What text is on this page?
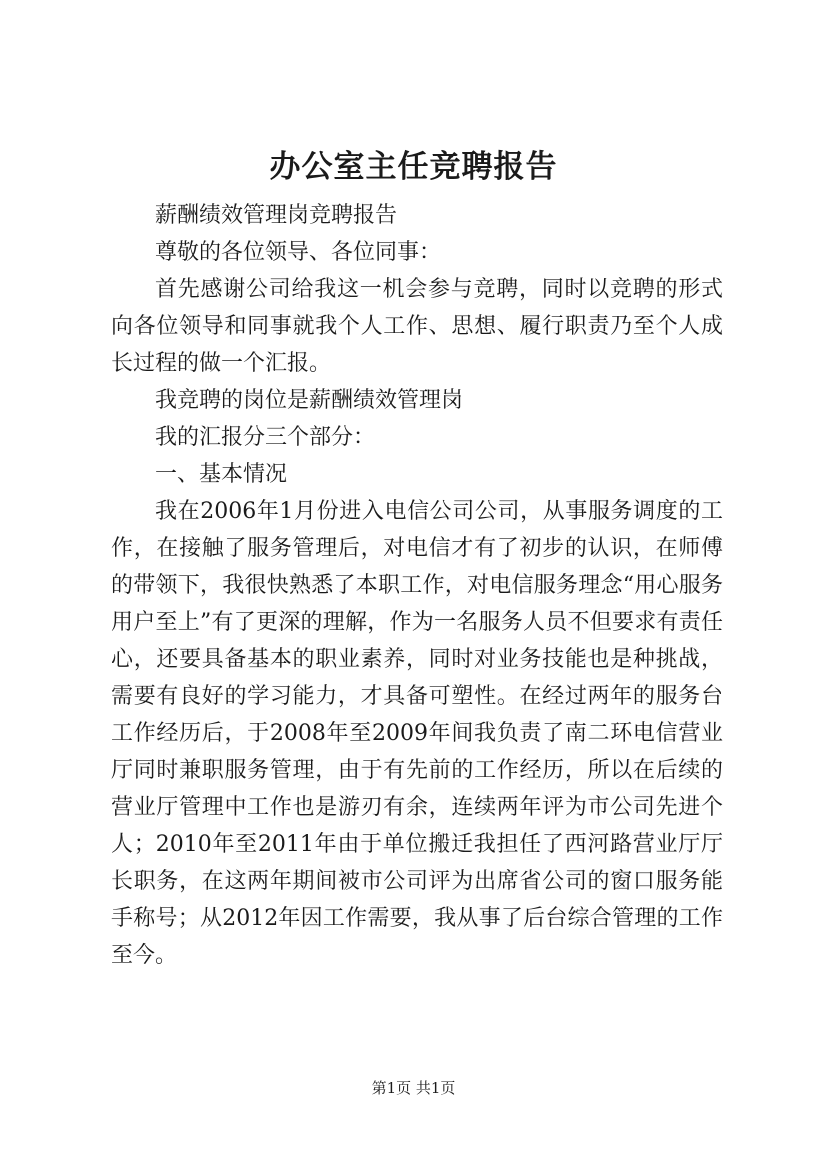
办公室主任竞聘报告

薪酬绩效管理岗竞聘报告

尊敬的各位领导、各位同事：

首先感谢公司给我这一机会参与竞聘，同时以竞聘的形式向各位领导和同事就我个人工作、思想、履行职责乃至个人成长过程的做一个汇报。

我竞聘的岗位是薪酬绩效管理岗

我的汇报分三个部分：

一、基本情况

我在2006年1月份进入电信公司公司，从事服务调度的工作，在接触了服务管理后，对电信才有了初步的认识，在师傅的带领下，我很快熟悉了本职工作，对电信服务理念“用心服务用户至上”有了更深的理解，作为一名服务人员不但要求有责任心，还要具备基本的职业素养，同时对业务技能也是种挑战，需要有良好的学习能力，才具备可塑性。在经过两年的服务台工作经历后，于2008年至2009年间我负责了南二环电信营业厅同时兼职服务管理，由于有先前的工作经历，所以在后续的营业厅管理中工作也是游刃有余，连续两年评为市公司先进个人；2010年至2011年由于单位搬迁我担任了西河路营业厅厅长职务，在这两年期间被市公司评为出席省公司的窗口服务能手称号；从2012年因工作需要，我从事了后台综合管理的工作至今。

第1页 共1页
